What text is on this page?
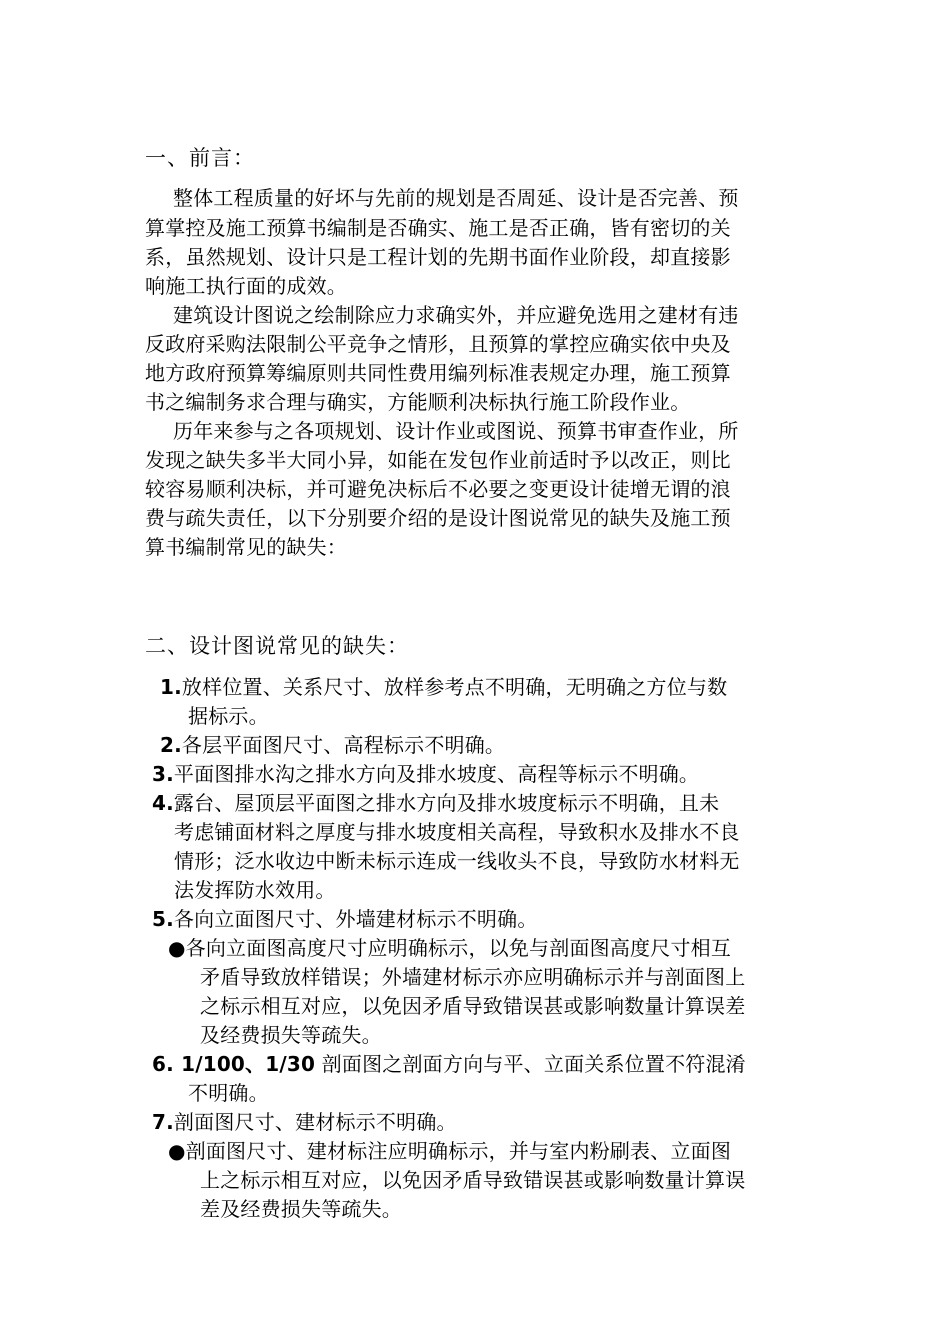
一、前言：
整体工程质量的好坏与先前的规划是否周延、设计是否完善、预
算掌控及施工预算书编制是否确实、施工是否正确，皆有密切的关
系，虽然规划、设计只是工程计划的先期书面作业阶段，却直接影
响施工执行面的成效。
建筑设计图说之绘制除应力求确实外，并应避免选用之建材有违
反政府采购法限制公平竞争之情形，且预算的掌控应确实依中央及
地方政府预算筹编原则共同性费用编列标准表规定办理，施工预算
书之编制务求合理与确实，方能顺利决标执行施工阶段作业。
历年来参与之各项规划、设计作业或图说、预算书审查作业，所
发现之缺失多半大同小异，如能在发包作业前适时予以改正，则比
较容易顺利决标，并可避免决标后不必要之变更设计徒增无谓的浪
费与疏失责任，以下分别要介绍的是设计图说常见的缺失及施工预
算书编制常见的缺失：
二、设计图说常见的缺失：
1.放样位置、关系尺寸、放样参考点不明确，无明确之方位与数
据标示。
2.各层平面图尺寸、高程标示不明确。
3.平面图排水沟之排水方向及排水坡度、高程等标示不明确。
4.露台、屋顶层平面图之排水方向及排水坡度标示不明确，且未
考虑铺面材料之厚度与排水坡度相关高程，导致积水及排水不良
情形；泛水收边中断未标示连成一线收头不良，导致防水材料无
法发挥防水效用。
5.各向立面图尺寸、外墙建材标示不明确。
●各向立面图高度尺寸应明确标示，以免与剖面图高度尺寸相互
矛盾导致放样错误；外墙建材标示亦应明确标示并与剖面图上
之标示相互对应，以免因矛盾导致错误甚或影响数量计算误差
及经费损失等疏失。
6. 1/100、1/30 剖面图之剖面方向与平、立面关系位置不符混淆
不明确。
7.剖面图尺寸、建材标示不明确。
●剖面图尺寸、建材标注应明确标示，并与室内粉刷表、立面图
上之标示相互对应，以免因矛盾导致错误甚或影响数量计算误
差及经费损失等疏失。
